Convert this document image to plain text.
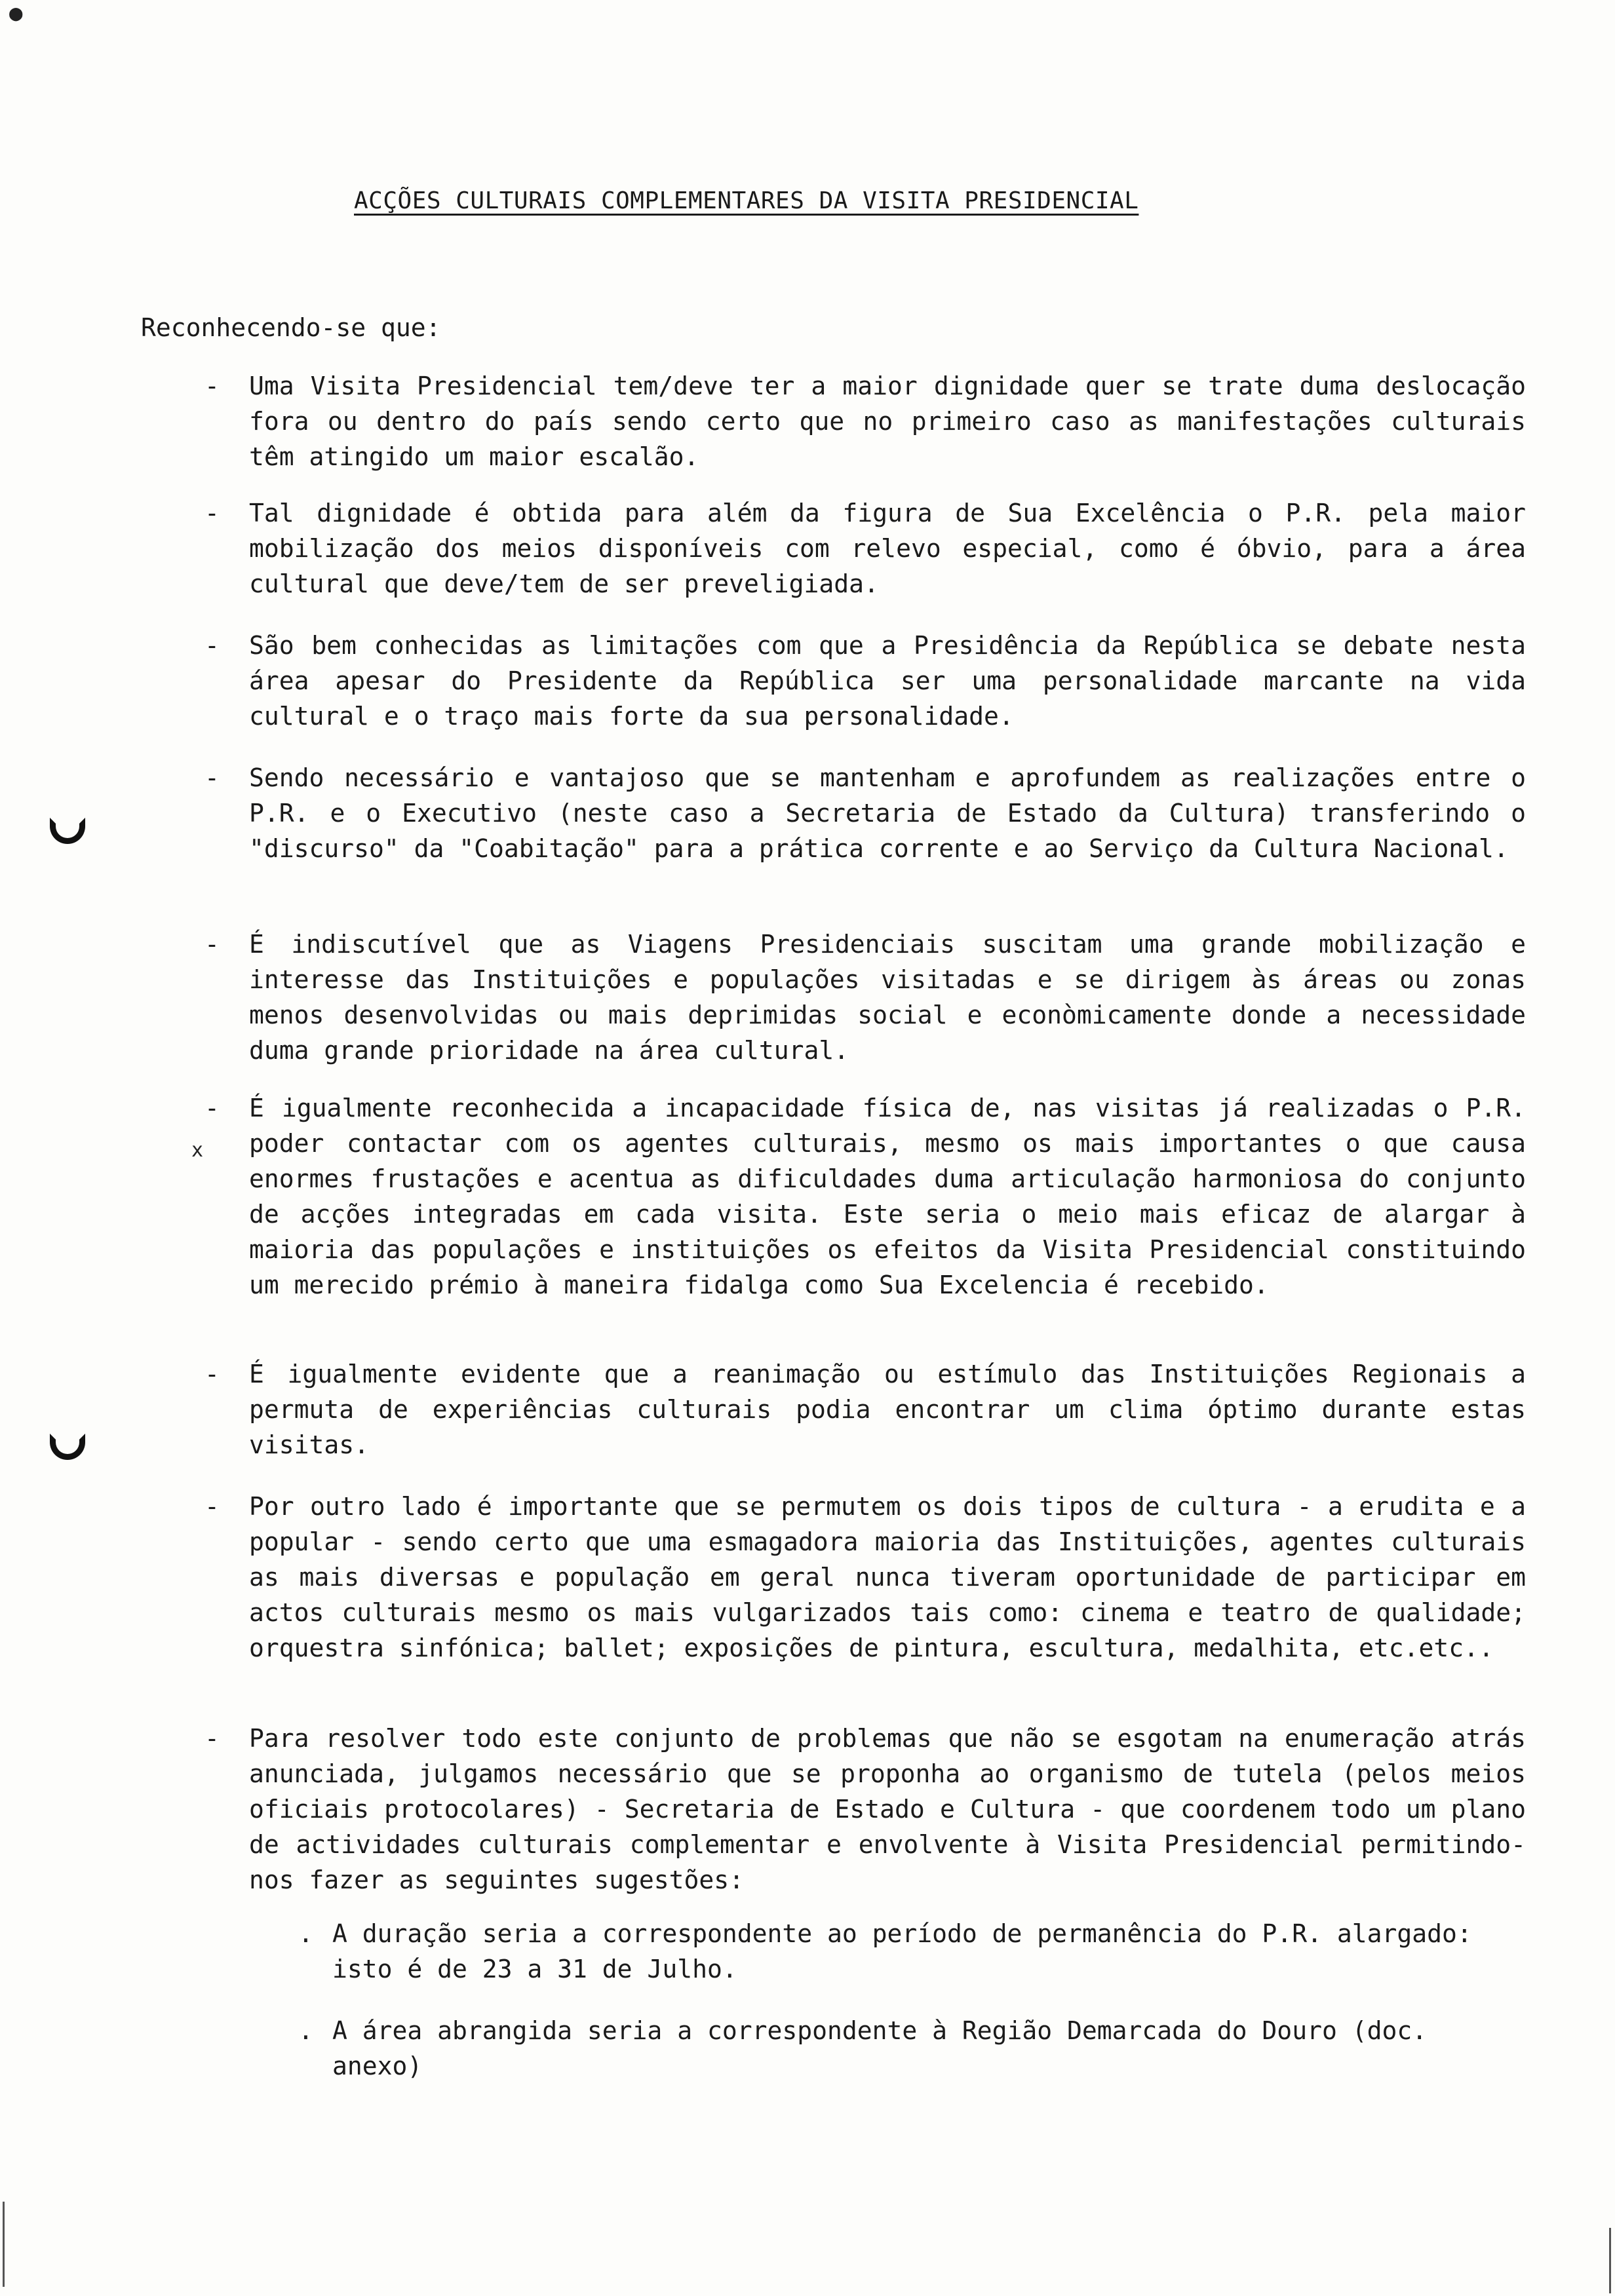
●
ACÇÕES CULTURAIS COMPLEMENTARES DA VISITA PRESIDENCIAL
Reconhecendo-se que:
- Uma Visita Presidencial tem/deve ter a maior dignidade quer se trate duma deslocação fora ou dentro do país sendo certo que no primeiro caso as manifestações culturais têm atingido um maior escalão.
- Tal dignidade é obtida para além da figura de Sua Excelência o P.R. pela maior mobilização dos meios disponíveis com relevo especial, como é óbvio, para a área cultural que deve/tem de ser preveligiada.
- São bem conhecidas as limitações com que a Presidência da República se debate nesta área apesar do Presidente da República ser uma personalidade marcante na vida cultural e o traço mais forte da sua personalidade.
- Sendo necessário e vantajoso que se mantenham e aprofundem as realizações entre o P.R. e o Executivo (neste caso a Secretaria de Estado da Cultura) transferindo o "discurso" da "Coabitação" para a prática corrente e ao Serviço da Cultura Nacional.
- É indiscutível que as Viagens Presidenciais suscitam uma grande mobilização e interesse das Instituições e populações visitadas e se dirigem às áreas ou zonas menos desenvolvidas ou mais deprimidas social e econòmicamente donde a necessidade duma grande prioridade na área cultural.
- É igualmente reconhecida a incapacidade física de, nas visitas já realizadas o P.R. poder contactar com os agentes culturais, mesmo os mais importantes o que causa enormes frustações e acentua as dificuldades duma articulação harmoniosa do conjunto de acções integradas em cada visita. Este seria o meio mais eficaz de alargar à maioria das populações e instituições os efeitos da Visita Presidencial constituindo um merecido prémio à maneira fidalga como Sua Excelencia é recebido.
x
- É igualmente evidente que a reanimação ou estímulo das Instituições Regionais a permuta de experiências culturais podia encontrar um clima óptimo durante estas visitas.
- Por outro lado é importante que se permutem os dois tipos de cultura - a erudita e a popular - sendo certo que uma esmagadora maioria das Instituições, agentes culturais as mais diversas e população em geral nunca tiveram oportunidade de participar em actos culturais mesmo os mais vulgarizados tais como: cinema e teatro de qualidade; orquestra sinfónica; ballet; exposições de pintura, escultura, medalhita, etc.etc..
- Para resolver todo este conjunto de problemas que não se esgotam na enumeração atrás anunciada, julgamos necessário que se proponha ao organismo de tutela (pelos meios oficiais protocolares) - Secretaria de Estado e Cultura - que coordenem todo um plano de actividades culturais complementar e envolvente à Visita Presidencial permitindo-nos fazer as seguintes sugestões:
. A duração seria a correspondente ao período de permanência do P.R. alargado: isto é de 23 a 31 de Julho.
. A área abrangida seria a correspondente à Região Demarcada do Douro (doc. anexo)
